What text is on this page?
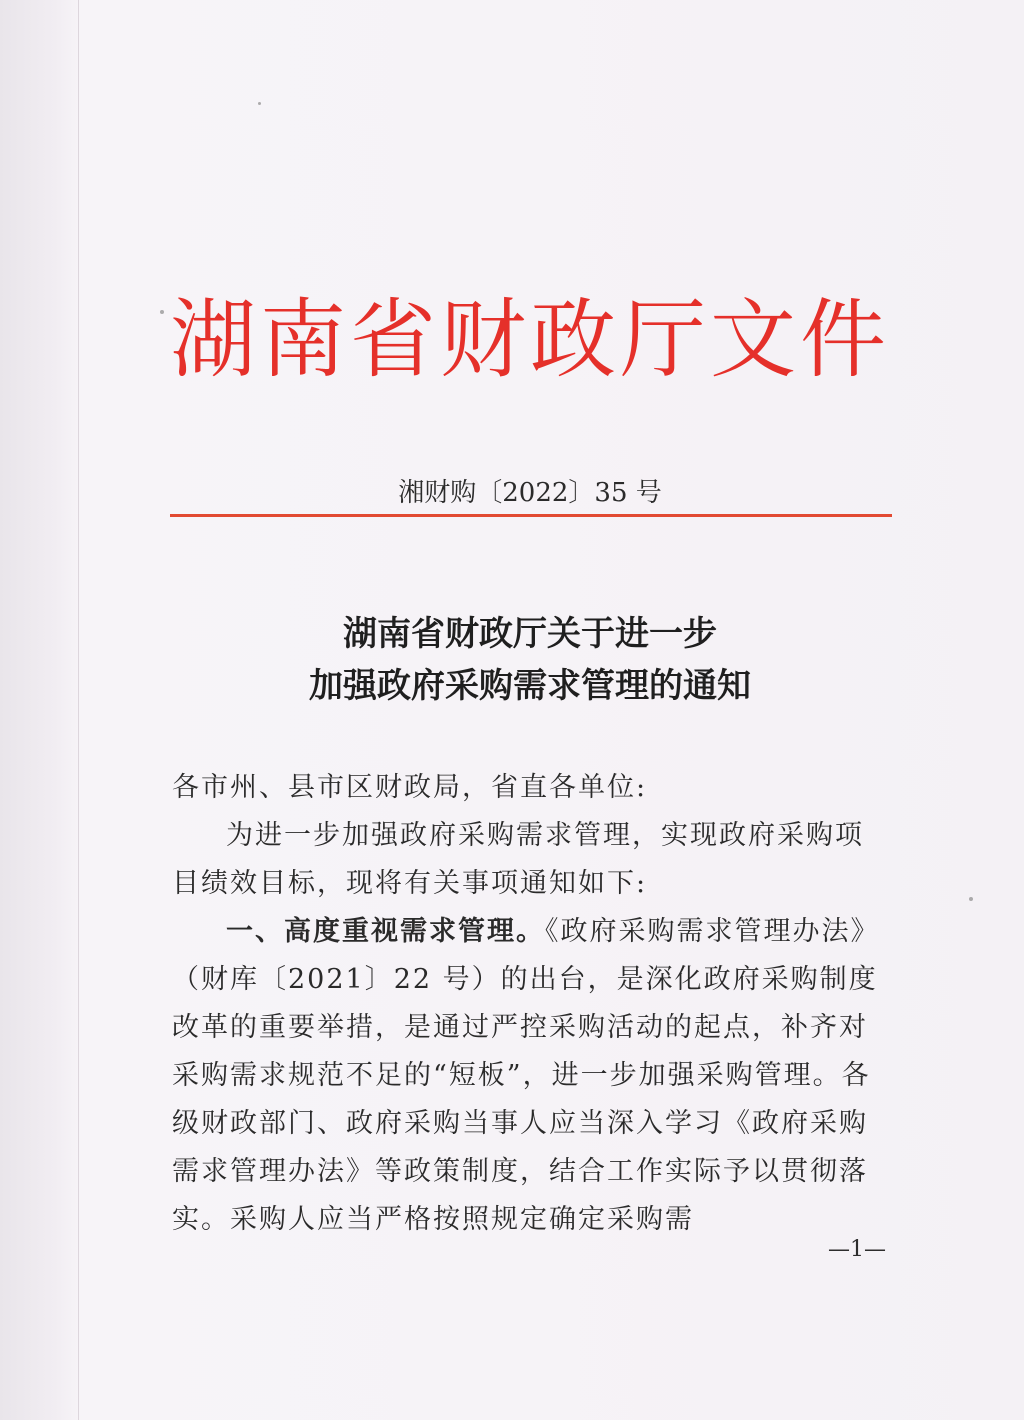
湖南省财政厅文件
湘财购〔2022〕35 号
湖南省财政厅关于进一步
加强政府采购需求管理的通知

各市州、县市区财政局，省直各单位:

为进一步加强政府采购需求管理，实现政府采购项目绩效目标，现将有关事项通知如下:

一、高度重视需求管理。《政府采购需求管理办法》（财库〔2021〕22 号）的出台，是深化政府采购制度改革的重要举措，是通过严控采购活动的起点，补齐对采购需求规范不足的“短板”，进一步加强采购管理。各级财政部门、政府采购当事人应当深入学习《政府采购需求管理办法》等政策制度，结合工作实际予以贯彻落实。采购人应当严格按照规定确定采购需

—1—
